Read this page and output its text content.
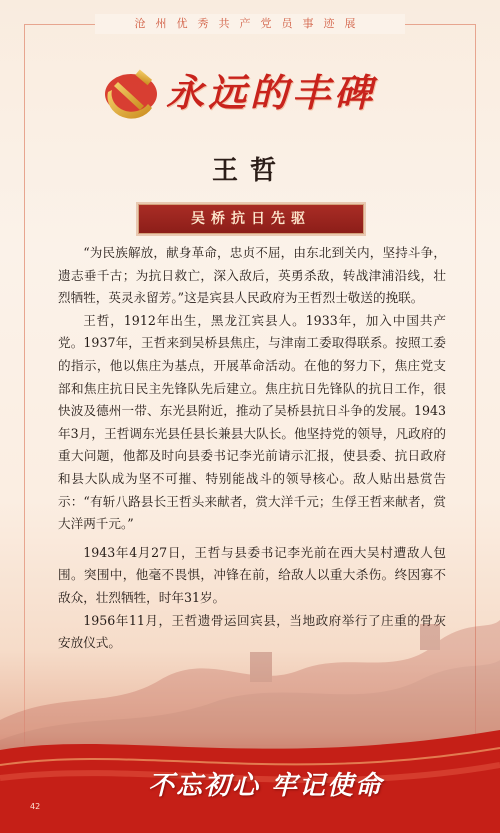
沧州优秀共产党员事迹展
永远的丰碑
王哲
吴桥抗日先驱

“为民族解放，献身革命，忠贞不屈，由东北到关内，坚持斗争，遗志垂千古；为抗日救亡，深入敌后，英勇杀敌，转战津浦沿线，壮烈牺牲，英灵永留芳。”这是宾县人民政府为王哲烈士敬送的挽联。

王哲，1912年出生，黑龙江宾县人。1933年，加入中国共产党。1937年，王哲来到吴桥县焦庄，与津南工委取得联系。按照工委的指示，他以焦庄为基点，开展革命活动。在他的努力下，焦庄党支部和焦庄抗日民主先锋队先后建立。焦庄抗日先锋队的抗日工作，很快波及德州一带、东光县附近，推动了吴桥县抗日斗争的发展。1943年3月，王哲调东光县任县长兼县大队长。他坚持党的领导，凡政府的重大问题，他都及时向县委书记李光前请示汇报，使县委、抗日政府和县大队成为坚不可摧、特别能战斗的领导核心。敌人贴出悬赏告示：“有斩八路县长王哲头来献者，赏大洋千元；生俘王哲来献者，赏大洋两千元。”

1943年4月27日，王哲与县委书记李光前在西大吴村遭敌人包围。突围中，他毫不畏惧，冲锋在前，给敌人以重大杀伤。终因寡不敌众，壮烈牺牲，时年31岁。

1956年11月，王哲遗骨运回宾县，当地政府举行了庄重的骨灰安放仪式。

不忘初心 牢记使命
42
